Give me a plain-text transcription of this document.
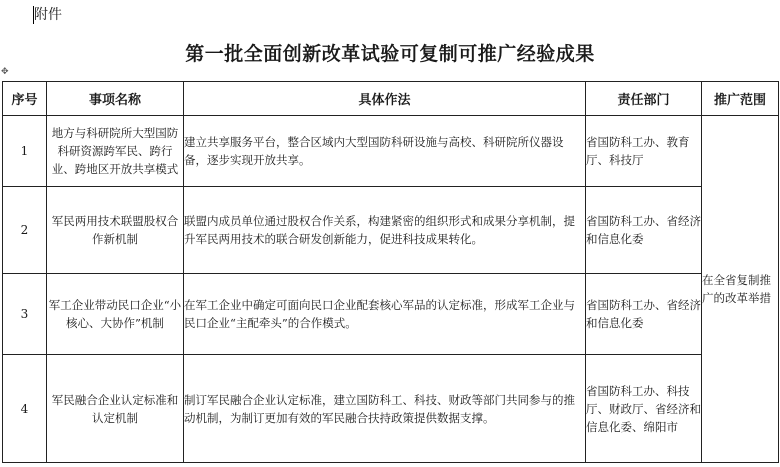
附件
✥
第一批全面创新改革试验可复制可推广经验成果
序号	事项名称	具体作法	责任部门	推广范围
1	地方与科研院所大型国防科研资源跨军民、跨行业、跨地区开放共享模式	建立共享服务平台，整合区域内大型国防科研设施与高校、科研院所仪器设备，逐步实现开放共享。	省国防科工办、教育厅、科技厅	在全省复制推广的改革举措
2	军民两用技术联盟股权合作新机制	联盟内成员单位通过股权合作关系，构建紧密的组织形式和成果分享机制，提升军民两用技术的联合研发创新能力，促进科技成果转化。	省国防科工办、省经济和信息化委	
3	军工企业带动民口企业“小核心、大协作”机制	在军工企业中确定可面向民口企业配套核心军品的认定标准，形成军工企业与民口企业“主配牵头”的合作模式。	省国防科工办、省经济和信息化委	
4	军民融合企业认定标准和认定机制	制订军民融合企业认定标准，建立国防科工、科技、财政等部门共同参与的推动机制，为制订更加有效的军民融合扶持政策提供数据支撑。	省国防科工办、科技厅、财政厅、省经济和信息化委、绵阳市	
